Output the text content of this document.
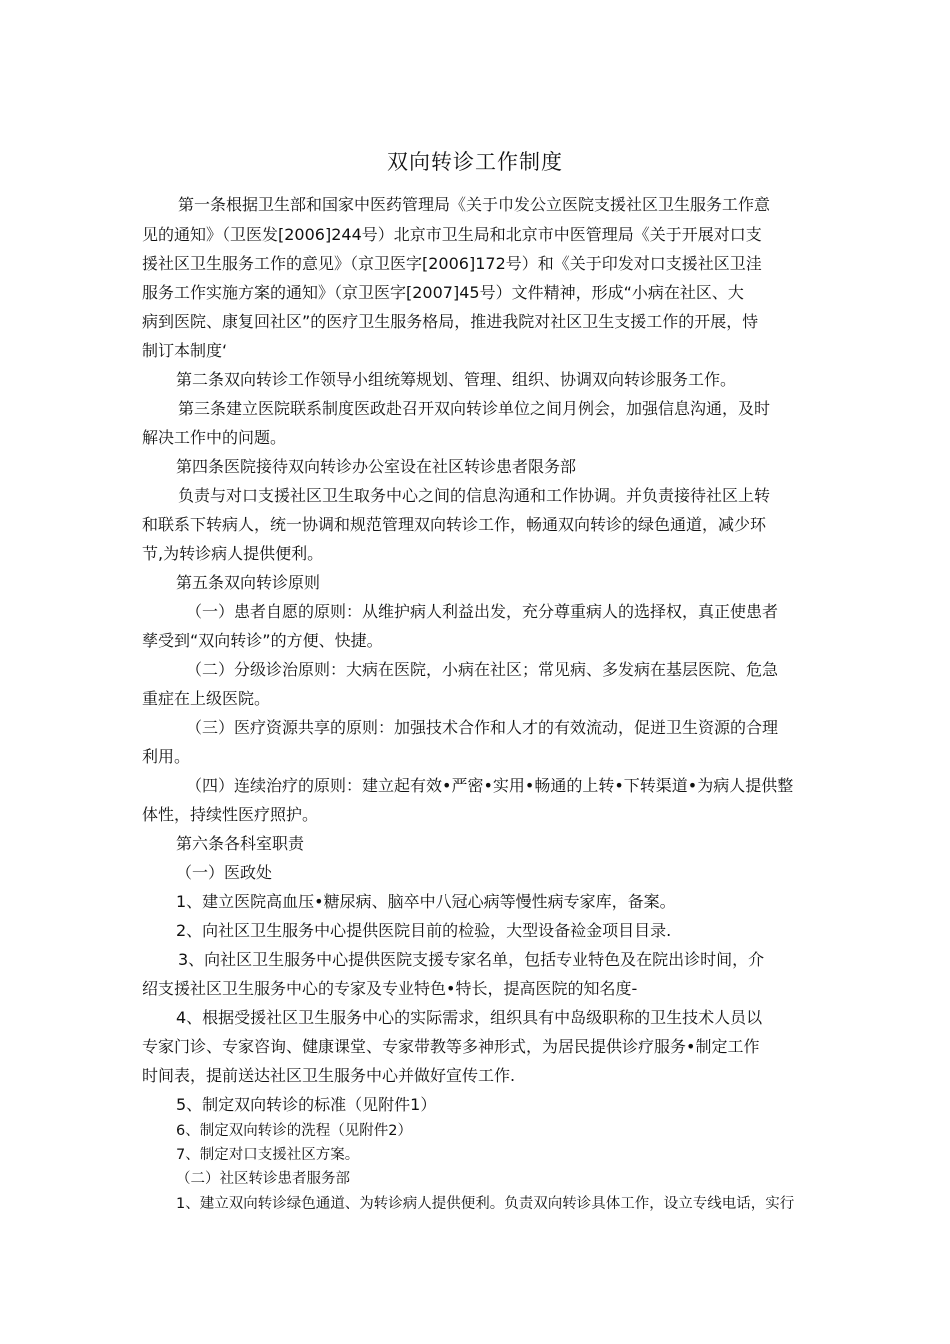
双向转诊工作制度
第一条根据卫生部和国家中医药管理局《关于巾发公立医院支援社区卫生服务工作意
见的通知》（卫医发[2006]244号）北京市卫生局和北京市中医管理局《关于开展对口支
援社区卫生服务工作的意见》（京卫医字[2006]172号）和《关于印发对口支援社区卫洼
服务工作实施方案的通知》（京卫医字[2007]45号）文件精神，形成“小病在社区、大
病到医院、康复回社区”的医疗卫生服务格局，推进我院对社区卫生支援工作的开展，恃
制订本制度‘
第二条双向转诊工作领导小组统筹规划、管理、组织、协调双向转诊服务工作。
第三条建立医院联系制度医政赴召开双向转诊单位之间月例会，加强信息沟通，及时
解决工作中的问题。
第四条医院接待双向转诊办公室设在社区转诊患者限务部
负责与对口支援社区卫生取务中心之间的信息沟通和工作协调。并负责接待社区上转
和联系下转病人，统一协调和规范管理双向转诊工作，畅通双向转诊的绿色通道，减少环
节,为转诊病人提供便利。
第五条双向转诊原则
（一）患者自愿的原则：从维护病人利益出发，充分尊重病人的选择权，真正使患者
孳受到“双向转诊”的方便、快捷。
（二）分级诊治原则：大病在医院，小病在社区；常见病、多发病在基层医院、危急
重症在上级医院。
（三）医疗资源共享的原则：加强技术合作和人才的有效流动，促迸卫生资源的合理
利用。
（四）连续治疗的原则：建立起有效•严密•实用•畅通的上转•下转渠道•为病人提供整
体性，持续性医疗照护。
第六条各科室职责
（一）医政处
1、建立医院高血压•糖尿病、脑卒中八冠心病等慢性病专家库，备案。
2、向社区卫生服务中心提供医院目前的检验，大型设备裣金项目目录.
3、向社区卫生服务中心提供医院支援专家名单，包括专业特色及在院出诊时间，介
绍支援社区卫生服务中心的专家及专业特色•特长，提高医院的知名度-
4、根据受援社区卫生服务中心的实际需求，组织具有中岛级职称的卫生技术人员以
专家门诊、专家咨询、健康课堂、专家带教等多神形式，为居民提供诊疗服务•制定工作
时间表，提前送达社区卫生服务中心并做好宣传工作.
5、制定双向转诊的标准（见附件1）
6、制定双向转诊的洗程（见附件2）
7、制定对口支援社区方案。
（二）社区转诊患者服务部
1、建立双向转诊绿色通道、为转诊病人提供便利。负责双向转诊具体工作，设立专线电话，实行
